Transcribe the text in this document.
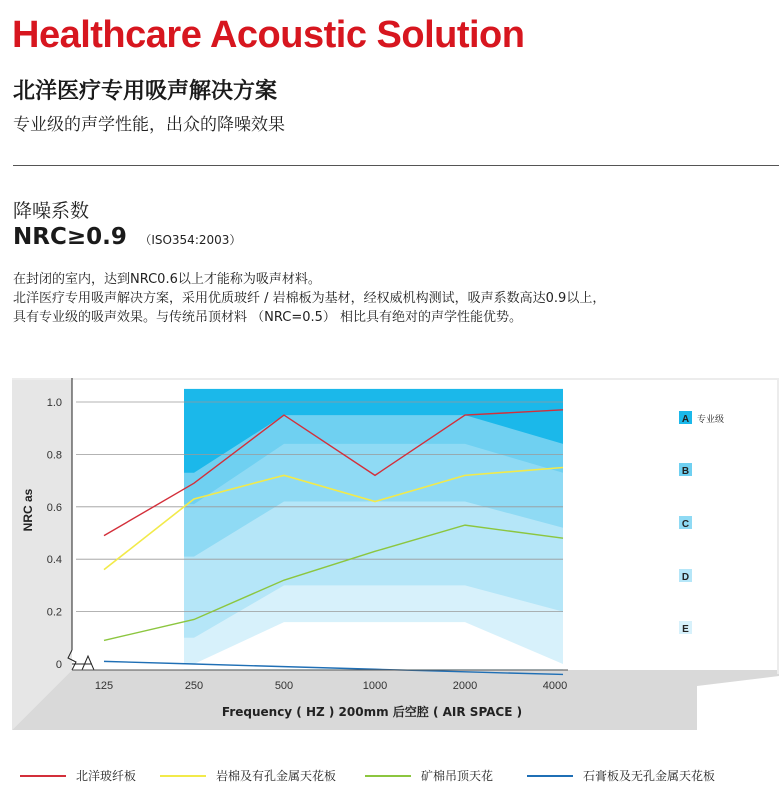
Healthcare Acoustic Solution
北洋医疗专用吸声解决方案
专业级的声学性能，出众的降噪效果
降噪系数
NRC≥0.9 （ISO354:2003）
在封闭的室内，达到NRC0.6以上才能称为吸声材料。
北洋医疗专用吸声解决方案，采用优质玻纤 / 岩棉板为基材，经权威机构测试，吸声系数高达0.9以上，
具有专业级的吸声效果。与传统吊顶材料 （NRC=0.5） 相比具有绝对的声学性能优势。
0
0.2
0.4
0.6
0.8
1.0
125	250	500	1000	2000	4000
A 专业级
B
C
D
E
NRC as
Frequency ( HZ ) 200mm 后空腔 ( AIR SPACE )
北洋玻纤板	岩棉及有孔金属天花板	矿棉吊顶天花	石膏板及无孔金属天花板
